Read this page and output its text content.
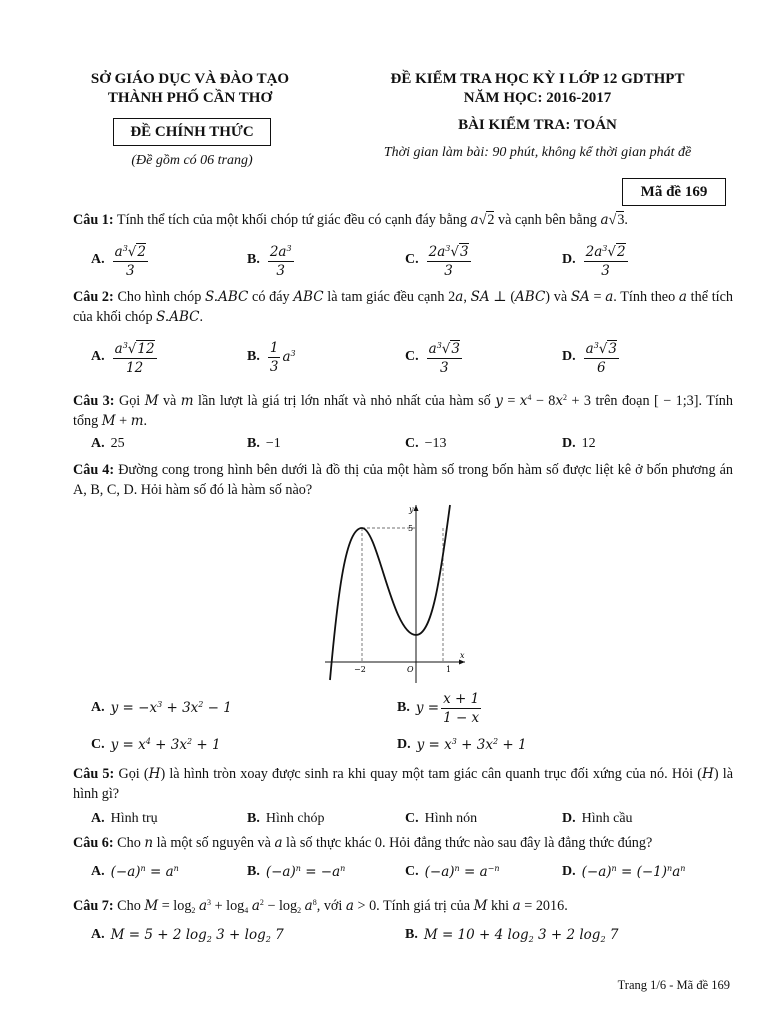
SỞ GIÁO DỤC VÀ ĐÀO TẠO
THÀNH PHỐ CẦN THƠ
ĐỀ CHÍNH THỨC
(Đề gồm có 06 trang)
ĐỀ KIỂM TRA HỌC KỲ I LỚP 12 GDTHPT
NĂM HỌC: 2016-2017
BÀI KIỂM TRA: TOÁN
Thời gian làm bài: 90 phút, không kể thời gian phát đề
Mã đề 169
Câu 1: Tính thể tích của một khối chóp tứ giác đều có cạnh đáy bằng a√2 và cạnh bên bằng a√3.
A. $\frac{a^3√2}{3}$	B. $\frac{2a^3}{3}$	C. $\frac{2a^3√3}{3}$	D. $\frac{2a^3√2}{3}$
Câu 2: Cho hình chóp S.ABC có đáy ABC là tam giác đều cạnh 2a, SA ⊥ (ABC) và SA = a. Tính theo a thể tích của khối chóp S.ABC.
A. $\frac{a^3√12}{12}$	B. $\frac{1}{3} a^3$	C. $\frac{a^3√3}{3}$	D. $\frac{a^3√3}{6}$
Câu 3: Gọi M và m lần lượt là giá trị lớn nhất và nhỏ nhất của hàm số $y = x^4 - 8x^2 + 3$ trên đoạn [ − 1;3]. Tính tổng M + m.
A. 25	B. −1	C. −13	D. 12
Câu 4: Đường cong trong hình bên dưới là đồ thị của một hàm số trong bốn hàm số được liệt kê ở bốn phương án A, B, C, D. Hỏi hàm số đó là hàm số nào?
x
y
O
−2	1
5
A. $y = -x^3 + 3x^2 - 1$	B. $y = \frac{x + 1}{1 - x}$
C. $y = x^4 + 3x^2 + 1$	D. $y = x^3 + 3x^2 + 1$
Câu 5: Gọi (H) là hình tròn xoay được sinh ra khi quay một tam giác cân quanh trục đối xứng của nó. Hỏi (H) là hình gì?
A. Hình trụ	B. Hình chóp	C. Hình nón	D. Hình cầu
Câu 6: Cho n là một số nguyên và a là số thực khác 0. Hỏi đẳng thức nào sau đây là đẳng thức đúng?
A. $(-a)^n = a^n$	B. $(-a)^n = -a^n$	C. $(-a)^n = a^{-n}$	D. $(-a)^n = (-1)^na^n$
Câu 7: Cho $M = \log_2 a^3 + \log_4 a^2 - \log_2 a^8$, với a > 0. Tính giá trị của M khi a = 2016.
A. M = 5 + 2 $\log_2 3 + \log_2 7$	B. M = 10 + 4 $\log_2 3 + 2$ $\log_2 7$
Trang 1/6 - Mã đề 169
